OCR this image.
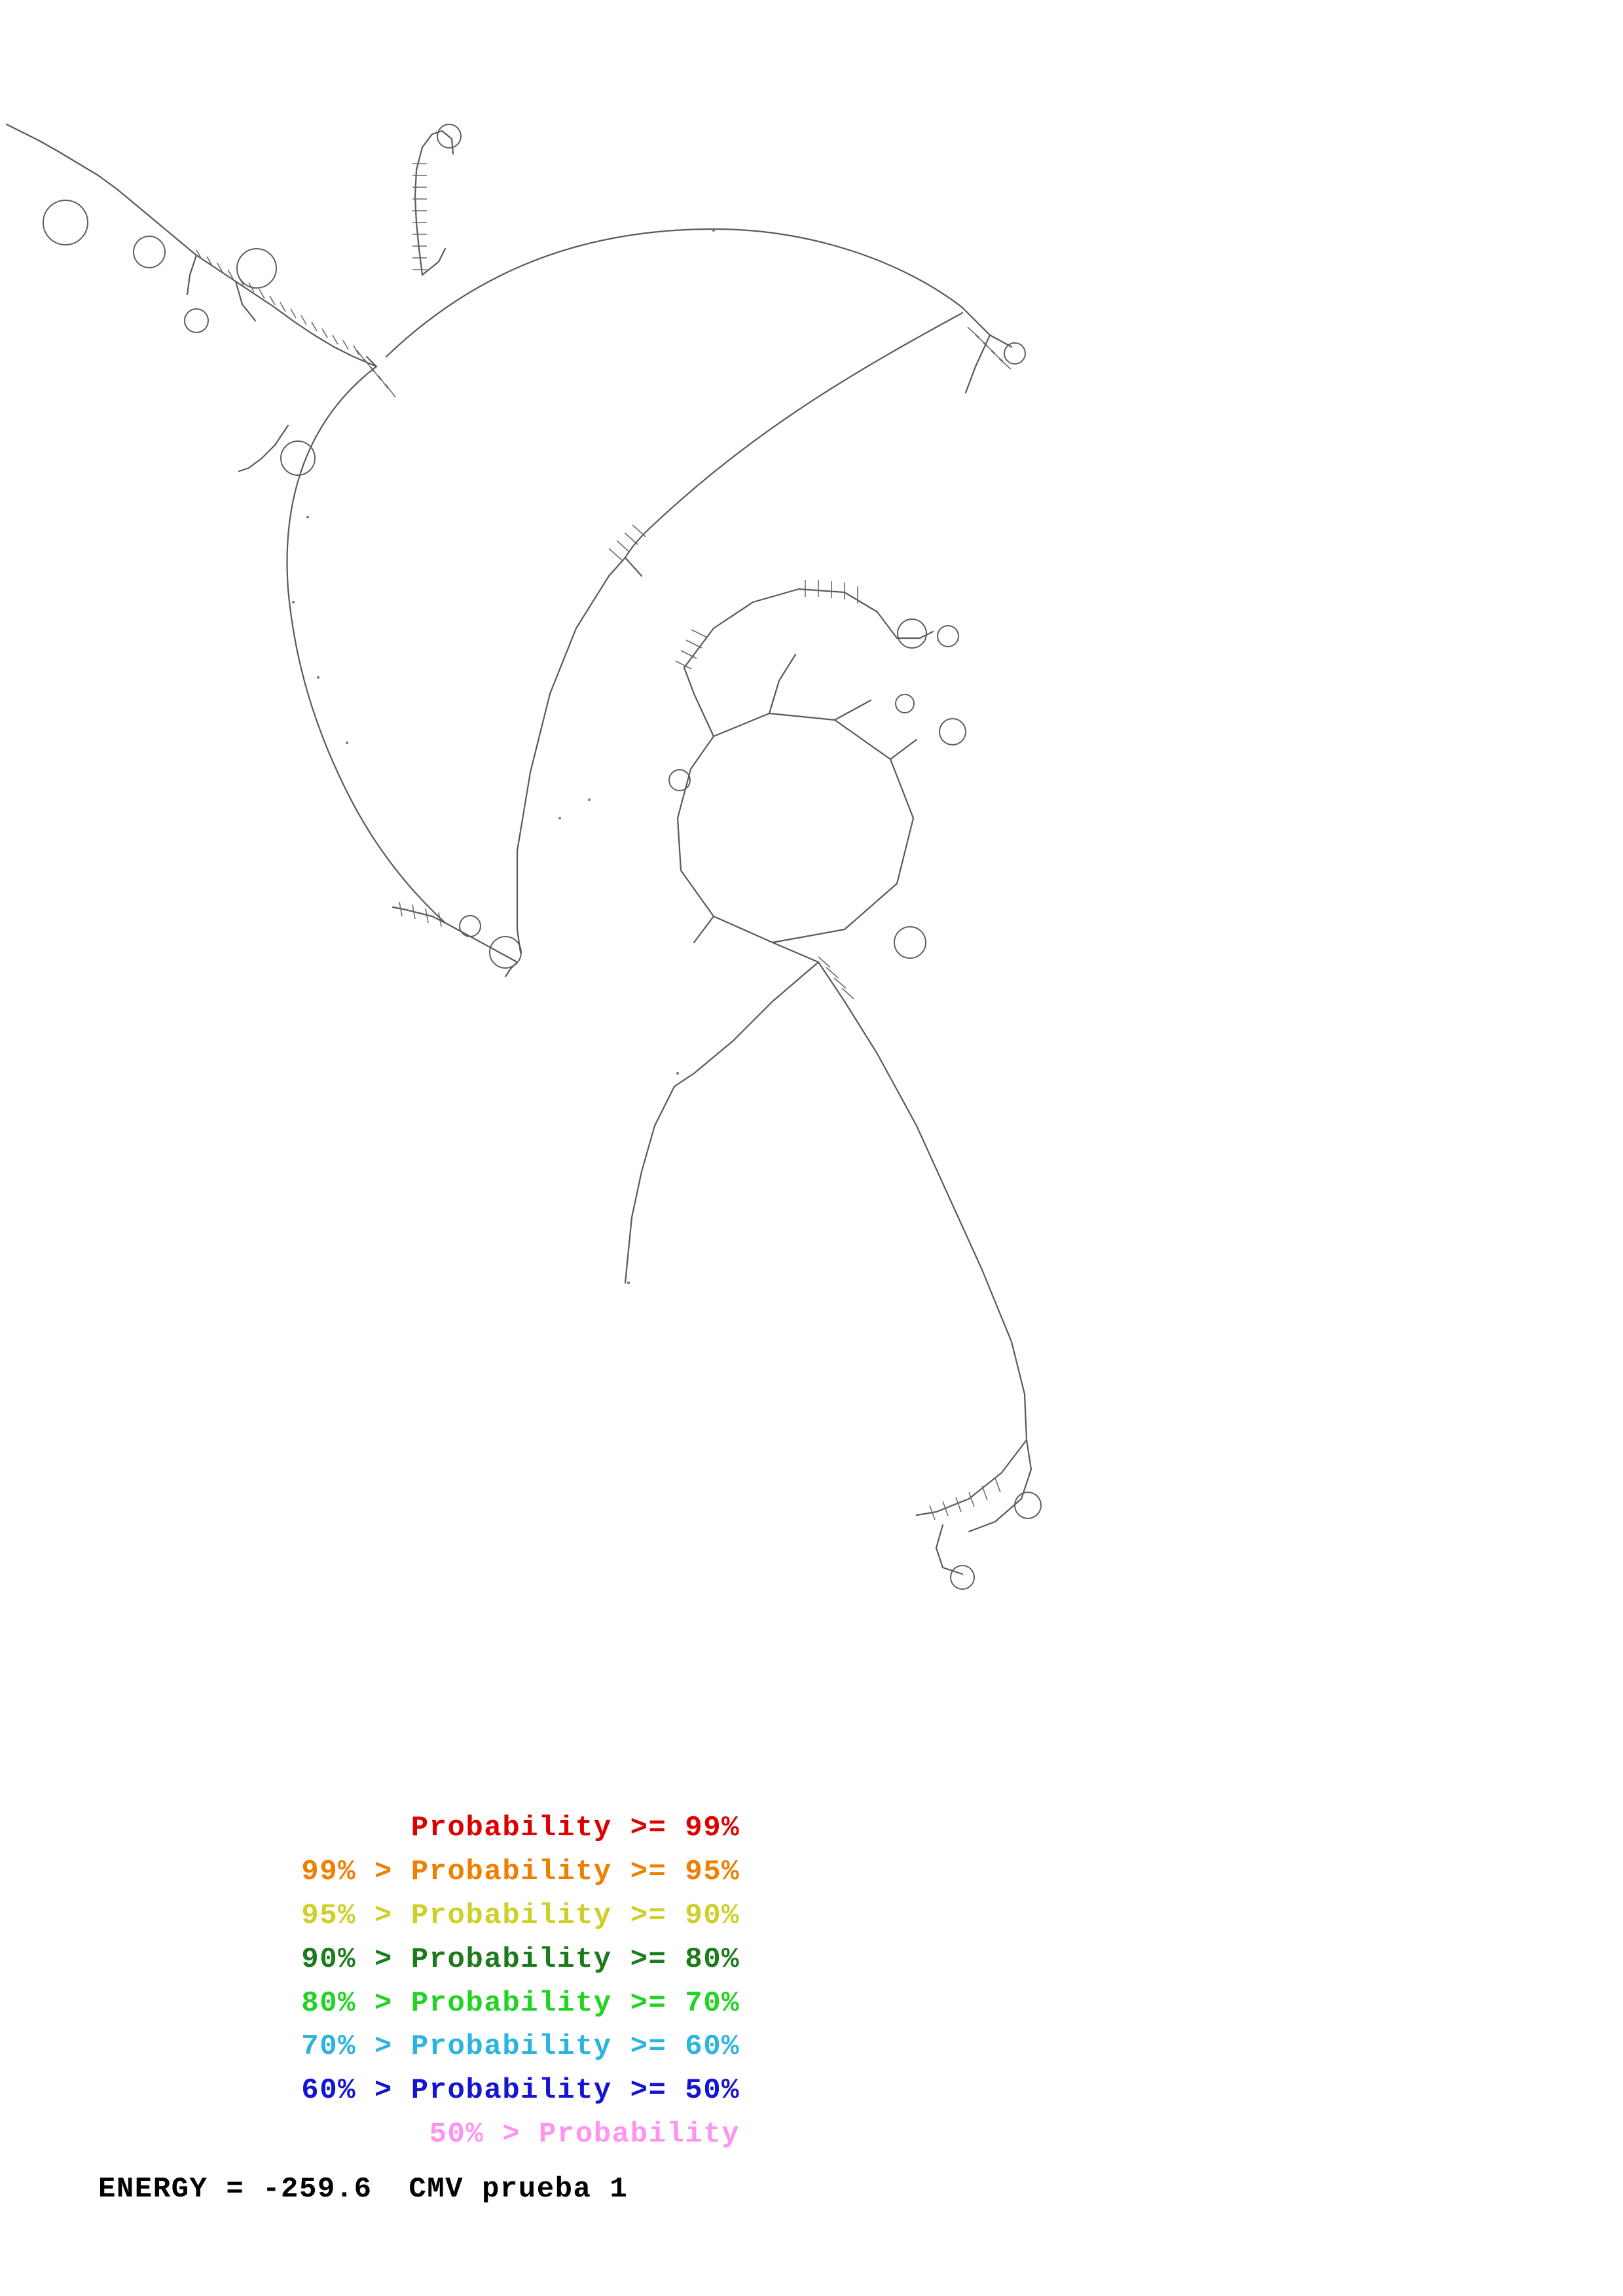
Probability >= 99%
99% > Probability >= 95%
95% > Probability >= 90%
90% > Probability >= 80%
80% > Probability >= 70%
70% > Probability >= 60%
60% > Probability >= 50%
50% > Probability
ENERGY = -259.6  CMV prueba 1
